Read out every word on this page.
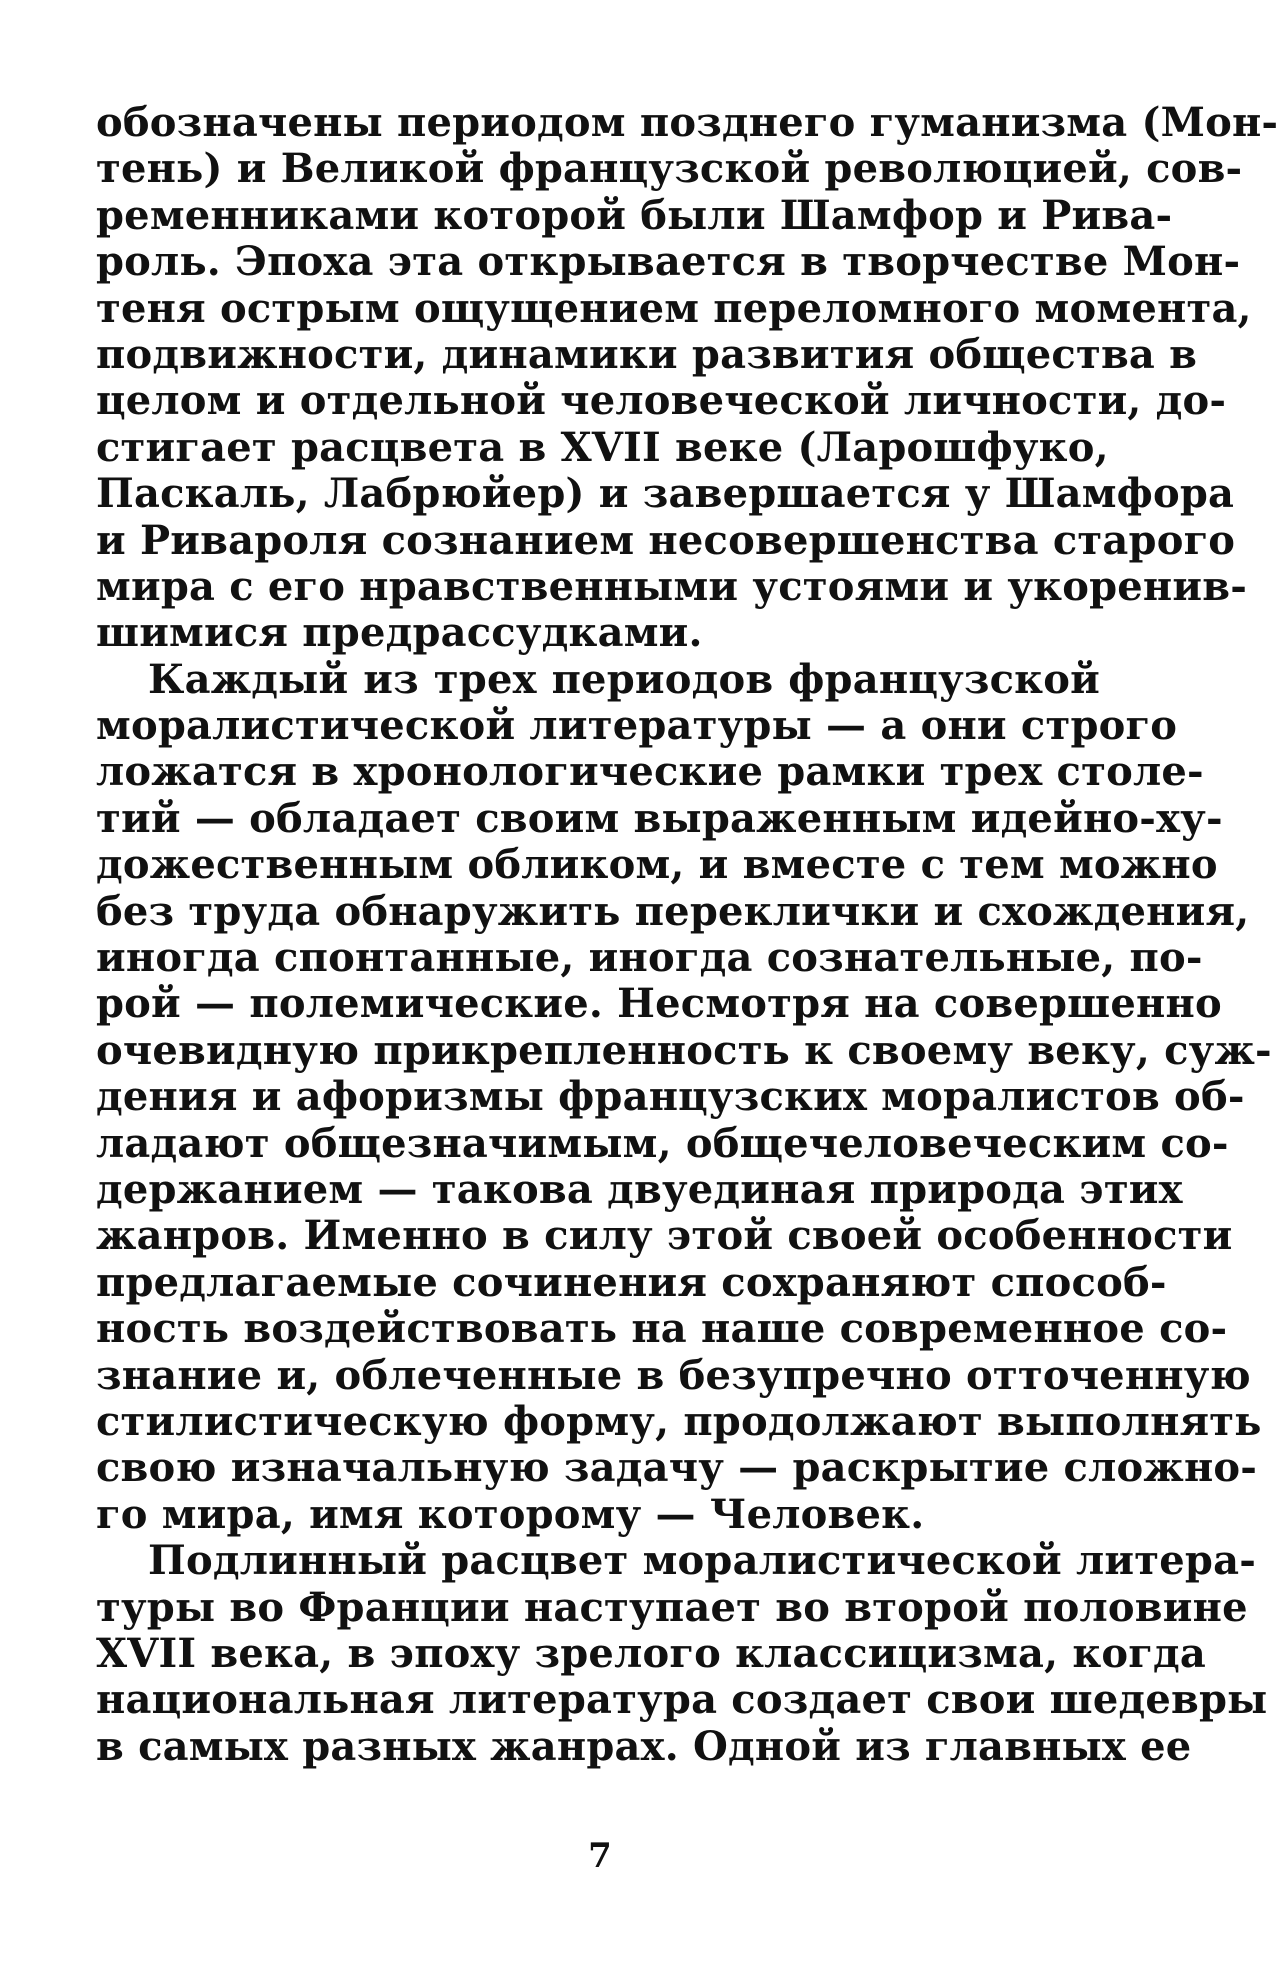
обозначены периодом позднего гуманизма (Мон-
тень) и Великой французской революцией, сов-
ременниками которой были Шамфор и Рива-
роль. Эпоха эта открывается в творчестве Мон-
теня острым ощущением переломного момента,
подвижности, динамики развития общества в
целом и отдельной человеческой личности, до-
стигает расцвета в XVII веке (Ларошфуко,
Паскаль, Лабрюйер) и завершается у Шамфора
и Ривароля сознанием несовершенства старого
мира с его нравственными устоями и укоренив-
шимися предрассудками.
Каждый из трех периодов французской
моралистической литературы — а они строго
ложатся в хронологические рамки трех столе-
тий — обладает своим выраженным идейно-ху-
дожественным обликом, и вместе с тем можно
без труда обнаружить переклички и схождения,
иногда спонтанные, иногда сознательные, по-
рой — полемические. Несмотря на совершенно
очевидную прикрепленность к своему веку, суж-
дения и афоризмы французских моралистов об-
ладают общезначимым, общечеловеческим со-
держанием — такова двуединая природа этих
жанров. Именно в силу этой своей особенности
предлагаемые сочинения сохраняют способ-
ность воздействовать на наше современное со-
знание и, облеченные в безупречно отточенную
стилистическую форму, продолжают выполнять
свою изначальную задачу — раскрытие сложно-
го мира, имя которому — Человек.
Подлинный расцвет моралистической литера-
туры во Франции наступает во второй половине
XVII века, в эпоху зрелого классицизма, когда
национальная литература создает свои шедевры
в самых разных жанрах. Одной из главных ее
7
